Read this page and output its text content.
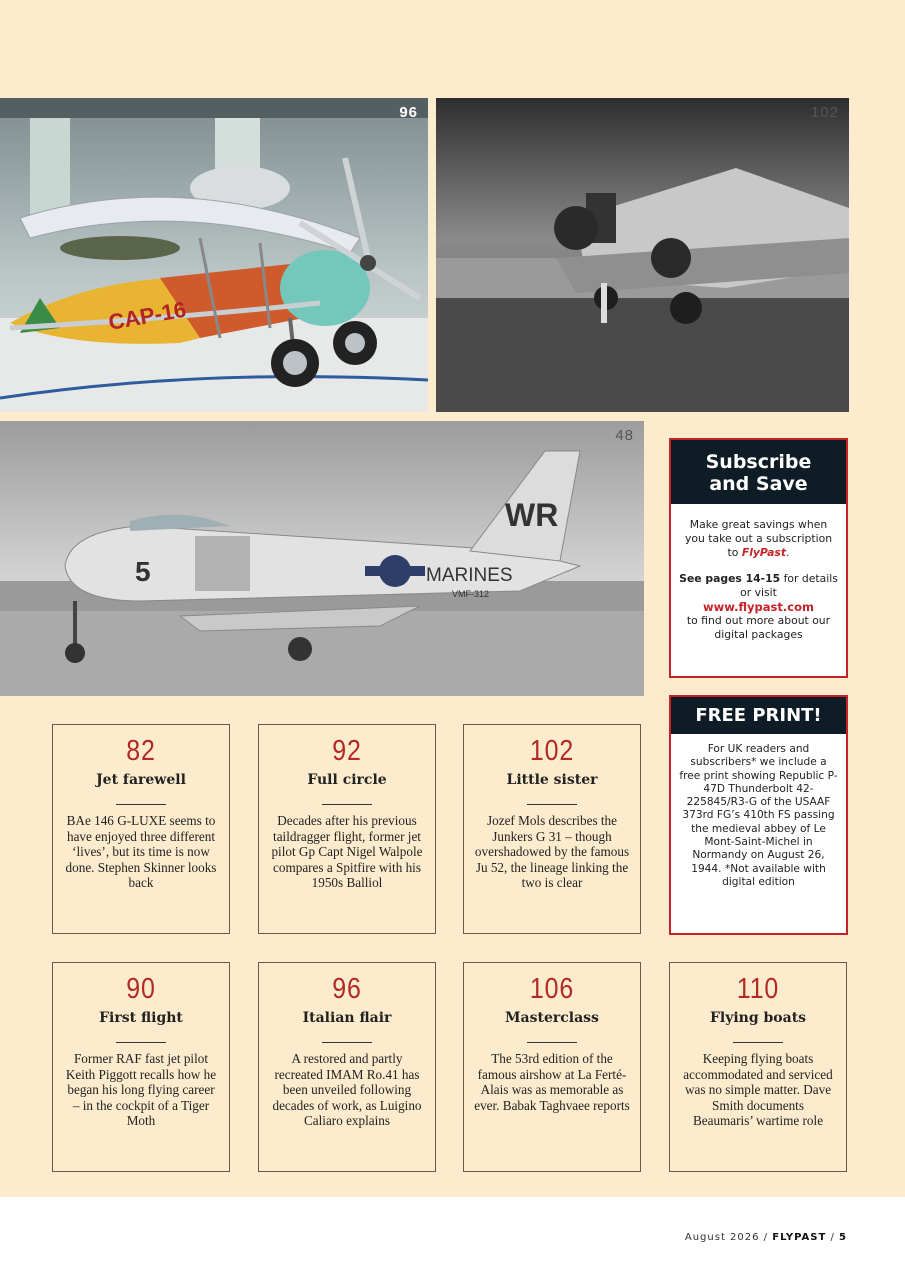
CAP-16
96	102
MARINES
VMF-312
WR
5
48
Subscribe
and Save
Make great savings when you take out a subscription to FlyPast.
See pages 14-15 for details or visit
www.flypast.com
to find out more about our digital packages
FREE PRINT!
For UK readers and subscribers* we include a free print showing Republic P-47D Thunderbolt 42-225845/R3-G of the USAAF 373rd FG’s 410th FS passing the medieval abbey of Le Mont-Saint-Michel in Normandy on August 26, 1944. *Not available with digital edition
82
Jet farewell
BAe 146 G-LUXE seems to have enjoyed three different ‘lives’, but its time is now done. Stephen Skinner looks back
92
Full circle
Decades after his previous taildragger flight, former jet pilot Gp Capt Nigel Walpole compares a Spitfire with his 1950s Balliol
102
Little sister
Jozef Mols describes the Junkers G 31 – though overshadowed by the famous Ju 52, the lineage linking the two is clear
90
First flight
Former RAF fast jet pilot Keith Piggott recalls how he began his long flying career – in the cockpit of a Tiger Moth
96
Italian flair
A restored and partly recreated IMAM Ro.41 has been unveiled following decades of work, as Luigino Caliaro explains
106
Masterclass
The 53rd edition of the famous airshow at La Ferté-Alais was as memorable as ever. Babak Taghvaee reports
110
Flying boats
Keeping flying boats accommodated and serviced was no simple matter. Dave Smith documents Beaumaris’ wartime role
August 2026 / FLYPAST / 5
